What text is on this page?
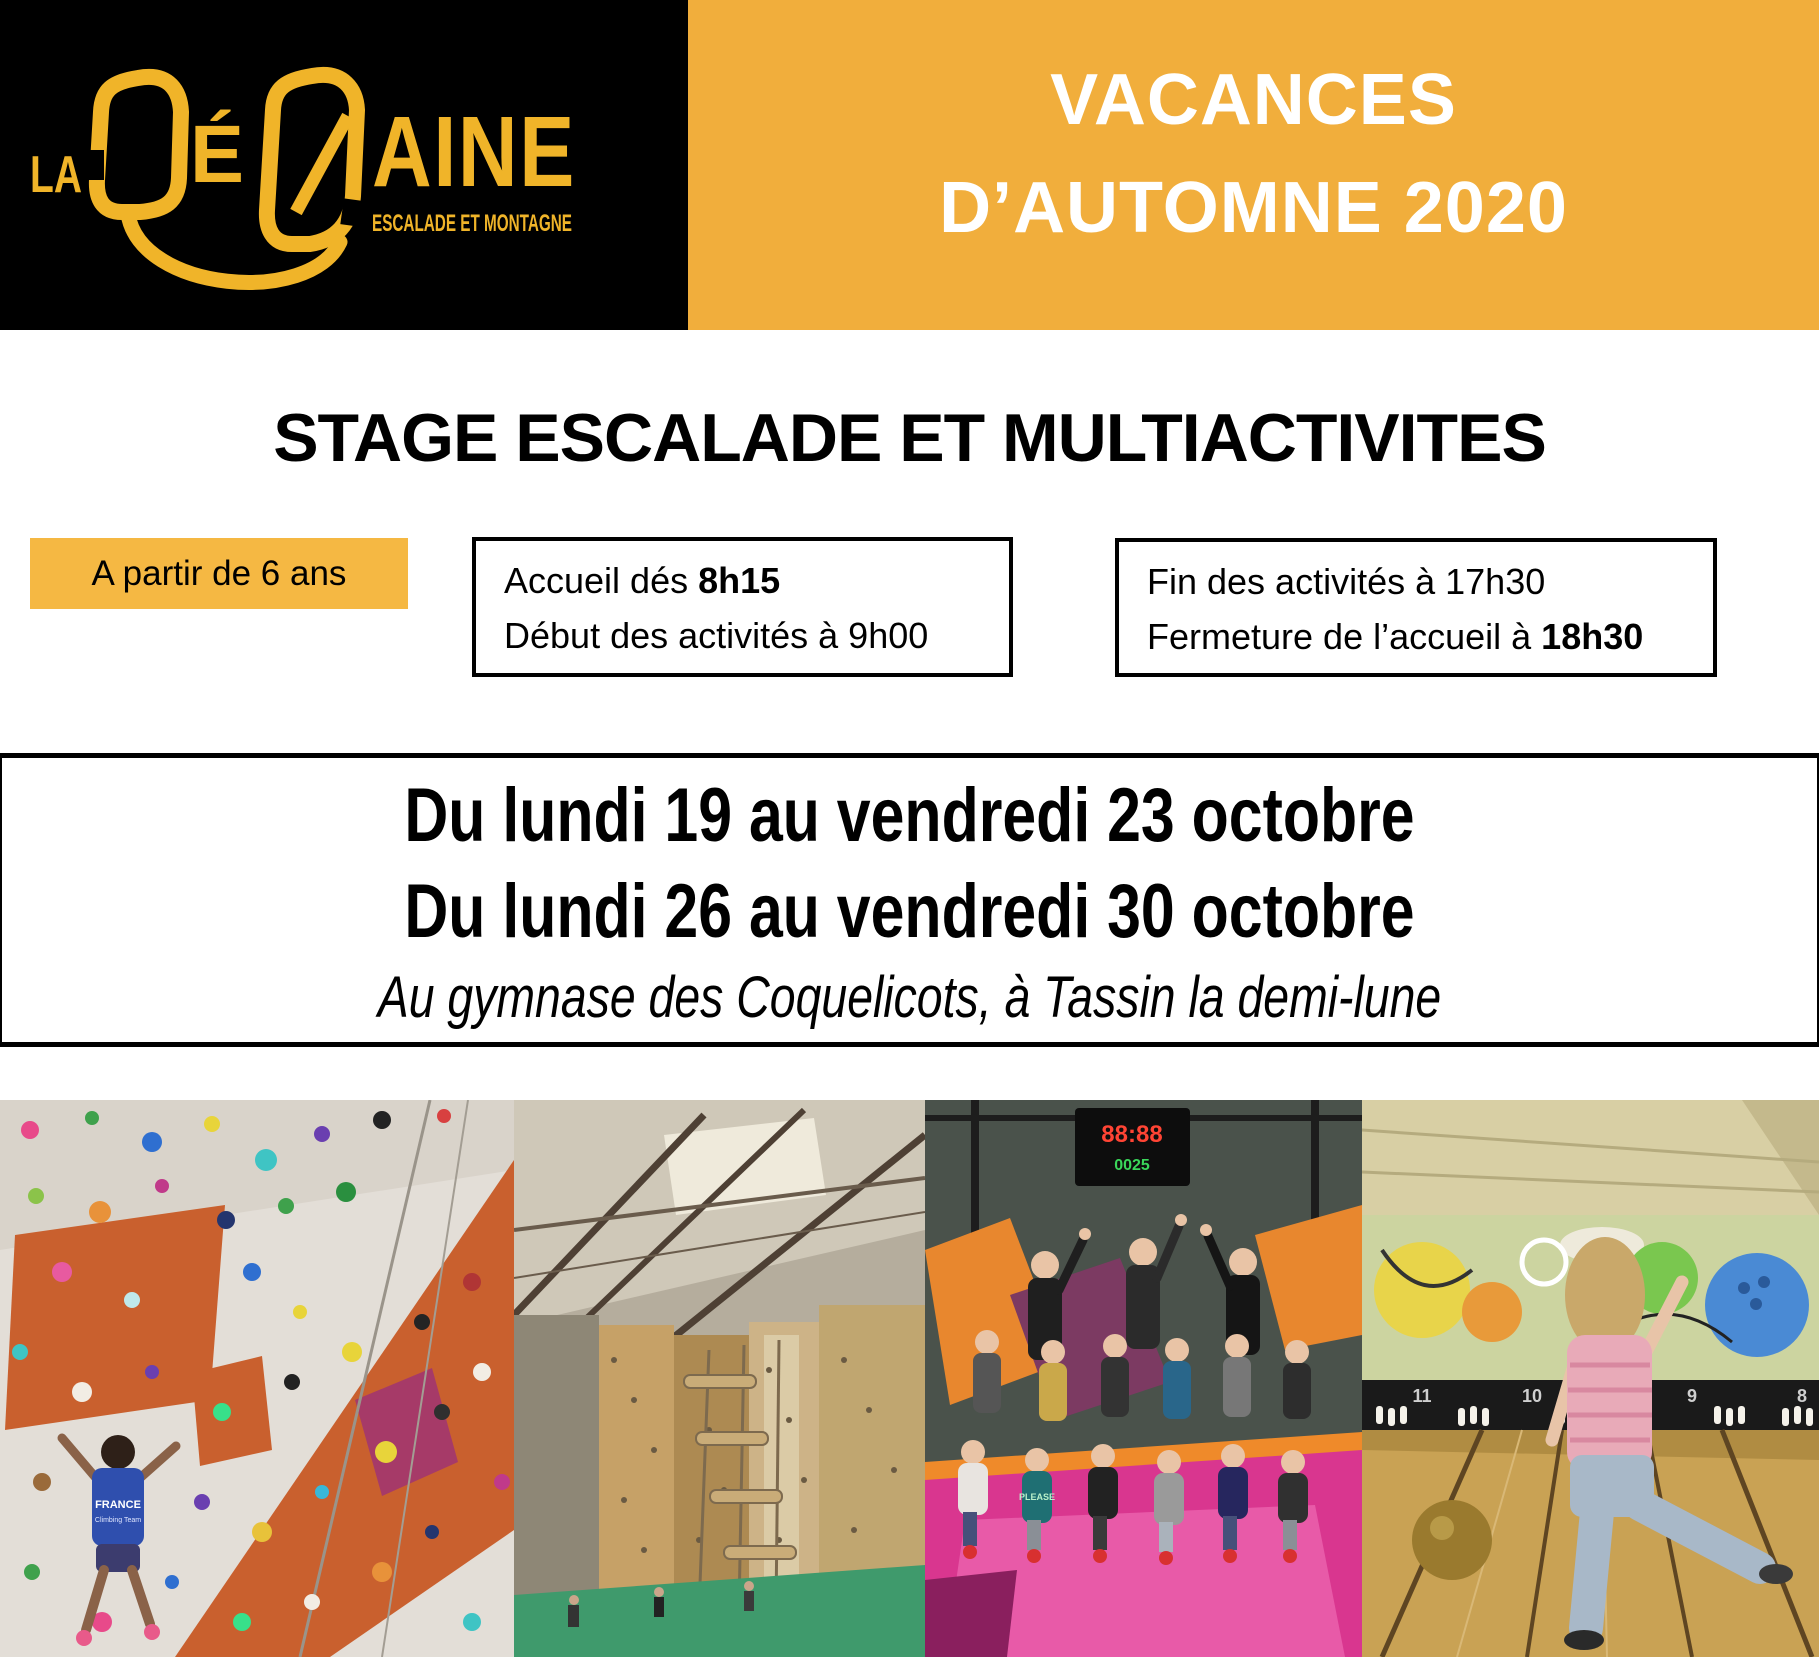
LA É AINE
ESCALADE ET MONTAGNE
VACANCES
D’AUTOMNE 2020
STAGE ESCALADE ET MULTIACTIVITES
A partir de 6 ans	Accueil dés 8h15
Début des activités à 9h00
Fin des activités à 17h30
Fermeture de l’accueil à 18h30
Du lundi 19 au vendredi 23 octobre
Du lundi 26 au vendredi 30 octobre
Au gymnase des Coquelicots, à Tassin la demi-lune
FRANCE
Climbing Team
88:88
0025
PLEASE
11	10	9	8
